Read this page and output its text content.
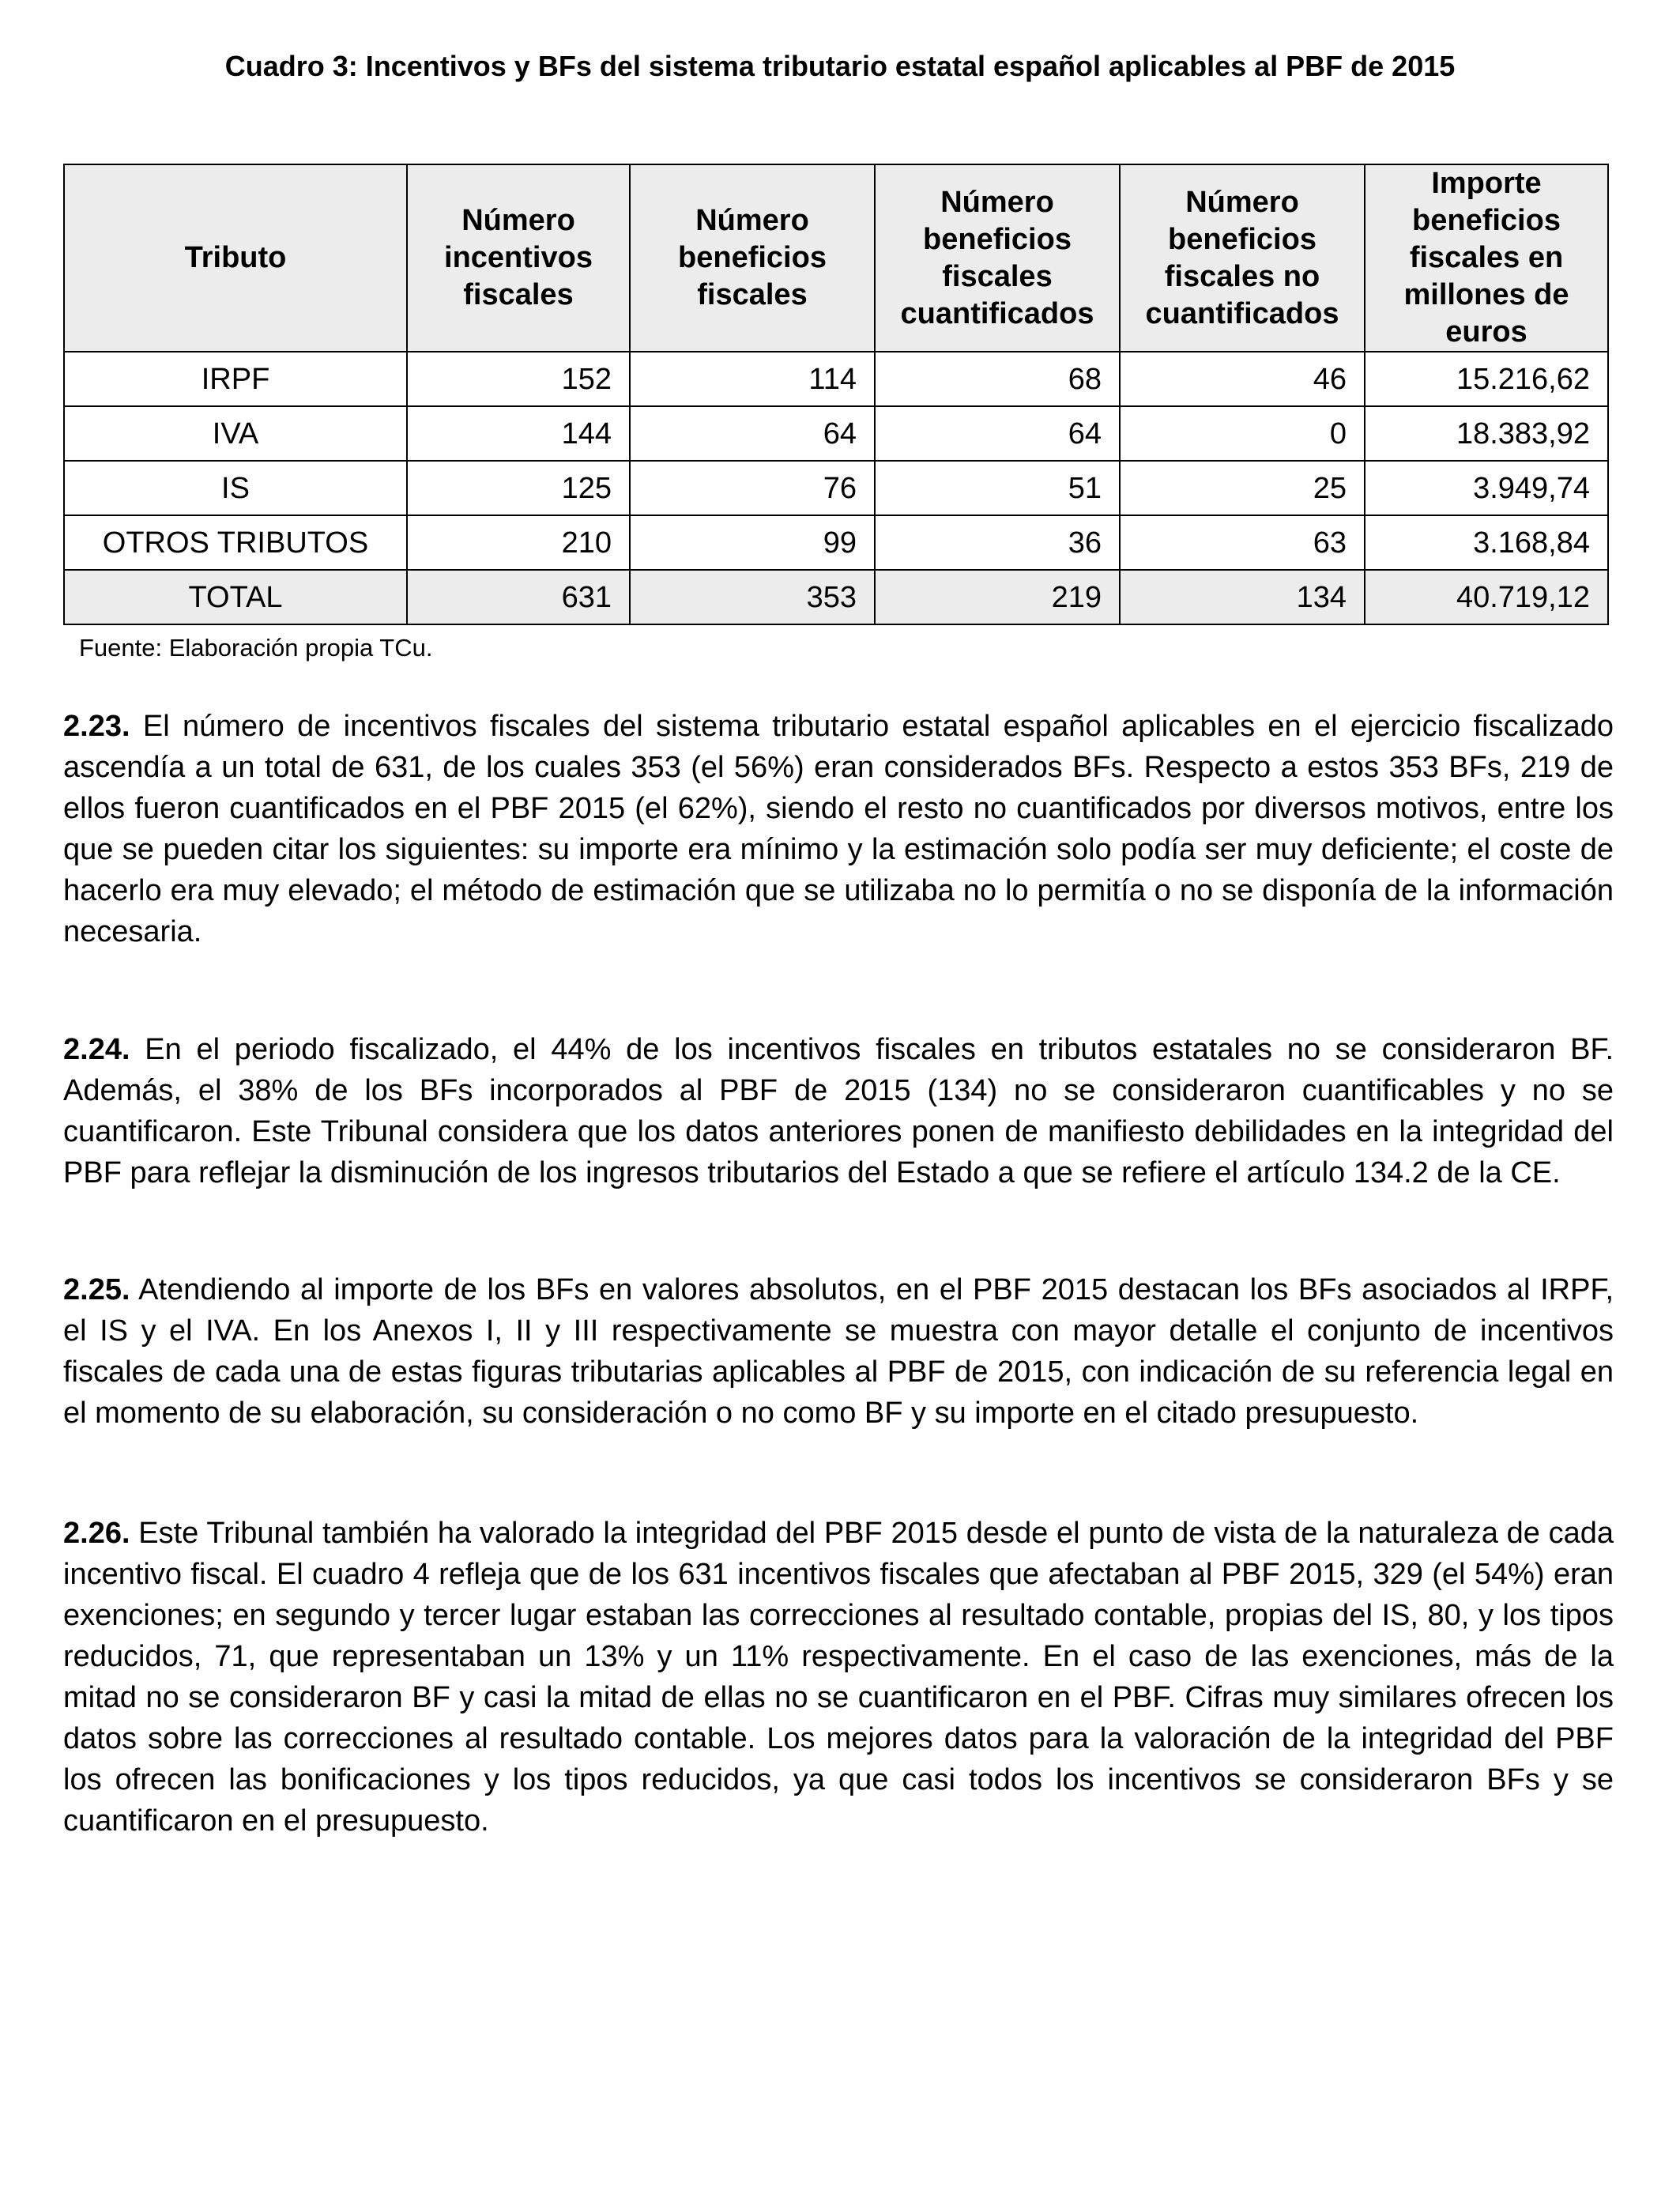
Cuadro 3: Incentivos y BFs del sistema tributario estatal español aplicables al PBF de 2015
Tributo	Número incentivos fiscales	Número beneficios fiscales	Número beneficios fiscales cuantificados	Número beneficios fiscales no cuantificados	Importe beneficios fiscales en millones de euros
IRPF	152	114	68	46	15.216,62
IVA	144	64	64	0	18.383,92
IS	125	76	51	25	3.949,74
OTROS TRIBUTOS	210	99	36	63	3.168,84
TOTAL	631	353	219	134	40.719,12
Fuente: Elaboración propia TCu.

2.23. El número de incentivos fiscales del sistema tributario estatal español aplicables en el ejercicio fiscalizado ascendía a un total de 631, de los cuales 353 (el 56%) eran considerados BFs. Respecto a estos 353 BFs, 219 de ellos fueron cuantificados en el PBF 2015 (el 62%), siendo el resto no cuantificados por diversos motivos, entre los que se pueden citar los siguientes: su importe era mínimo y la estimación solo podía ser muy deficiente; el coste de hacerlo era muy elevado; el método de estimación que se utilizaba no lo permitía o no se disponía de la información necesaria.

2.24. En el periodo fiscalizado, el 44% de los incentivos fiscales en tributos estatales no se consideraron BF. Además, el 38% de los BFs incorporados al PBF de 2015 (134) no se consideraron cuantificables y no se cuantificaron. Este Tribunal considera que los datos anteriores ponen de manifiesto debilidades en la integridad del PBF para reflejar la disminución de los ingresos tributarios del Estado a que se refiere el artículo 134.2 de la CE.

2.25. Atendiendo al importe de los BFs en valores absolutos, en el PBF 2015 destacan los BFs asociados al IRPF, el IS y el IVA. En los Anexos I, II y III respectivamente se muestra con mayor detalle el conjunto de incentivos fiscales de cada una de estas figuras tributarias aplicables al PBF de 2015, con indicación de su referencia legal en el momento de su elaboración, su consideración o no como BF y su importe en el citado presupuesto.

2.26. Este Tribunal también ha valorado la integridad del PBF 2015 desde el punto de vista de la naturaleza de cada incentivo fiscal. El cuadro 4 refleja que de los 631 incentivos fiscales que afectaban al PBF 2015, 329 (el 54%) eran exenciones; en segundo y tercer lugar estaban las correcciones al resultado contable, propias del IS, 80, y los tipos reducidos, 71, que representaban un 13% y un 11% respectivamente. En el caso de las exenciones, más de la mitad no se consideraron BF y casi la mitad de ellas no se cuantificaron en el PBF. Cifras muy similares ofrecen los datos sobre las correcciones al resultado contable. Los mejores datos para la valoración de la integridad del PBF los ofrecen las bonificaciones y los tipos reducidos, ya que casi todos los incentivos se consideraron BFs y se cuantificaron en el presupuesto.
